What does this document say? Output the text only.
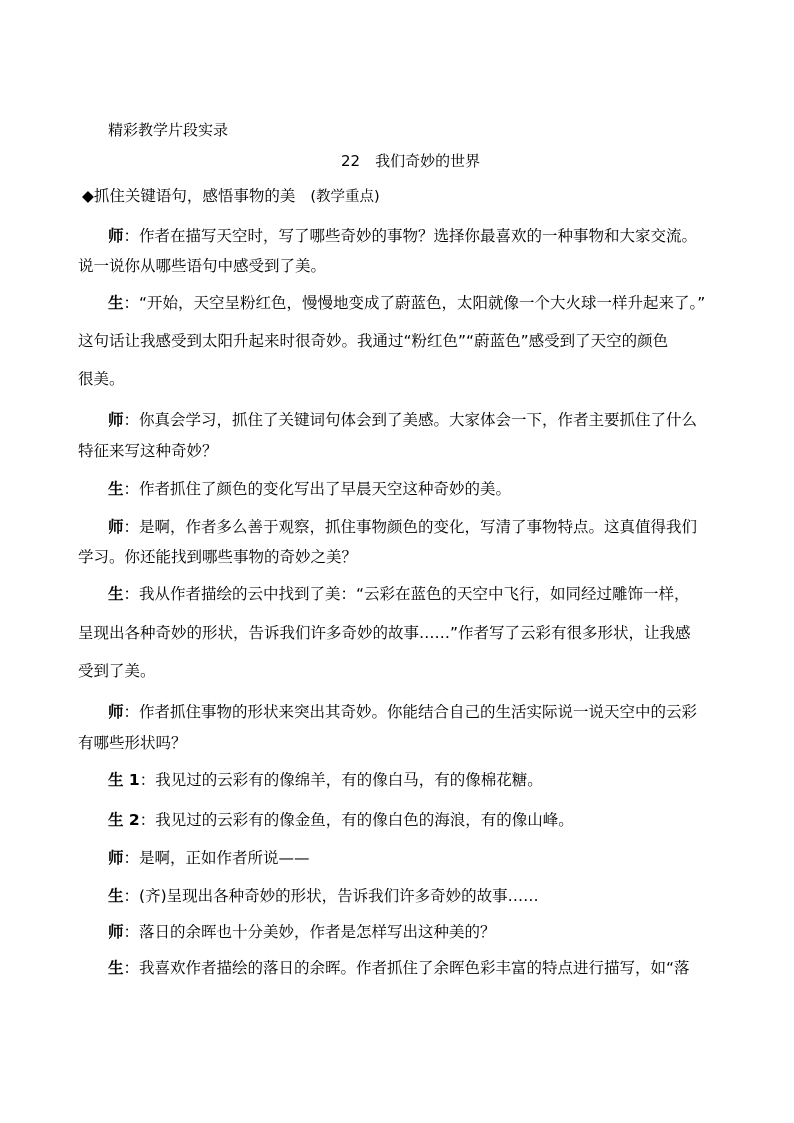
精彩教学片段实录
22　我们奇妙的世界
◆抓住关键语句，感悟事物的美 (教学重点)
师：作者在描写天空时，写了哪些奇妙的事物？选择你最喜欢的一种事物和大家交流。
说一说你从哪些语句中感受到了美。
生：“开始，天空呈粉红色，慢慢地变成了蔚蓝色，太阳就像一个大火球一样升起来了。”
这句话让我感受到太阳升起来时很奇妙。我通过“粉红色”“蔚蓝色”感受到了天空的颜色
很美。
师：你真会学习，抓住了关键词句体会到了美感。大家体会一下，作者主要抓住了什么
特征来写这种奇妙？
生：作者抓住了颜色的变化写出了早晨天空这种奇妙的美。
师：是啊，作者多么善于观察，抓住事物颜色的变化，写清了事物特点。这真值得我们
学习。你还能找到哪些事物的奇妙之美？
生：我从作者描绘的云中找到了美：“云彩在蓝色的天空中飞行，如同经过雕饰一样，
呈现出各种奇妙的形状，告诉我们许多奇妙的故事……”作者写了云彩有很多形状，让我感
受到了美。
师：作者抓住事物的形状来突出其奇妙。你能结合自己的生活实际说一说天空中的云彩
有哪些形状吗？
生 1：我见过的云彩有的像绵羊，有的像白马，有的像棉花糖。
生 2：我见过的云彩有的像金鱼，有的像白色的海浪，有的像山峰。
师：是啊，正如作者所说——
生：(齐)呈现出各种奇妙的形状，告诉我们许多奇妙的故事……
师：落日的余晖也十分美妙，作者是怎样写出这种美的？
生：我喜欢作者描绘的落日的余晖。作者抓住了余晖色彩丰富的特点进行描写，如“落
